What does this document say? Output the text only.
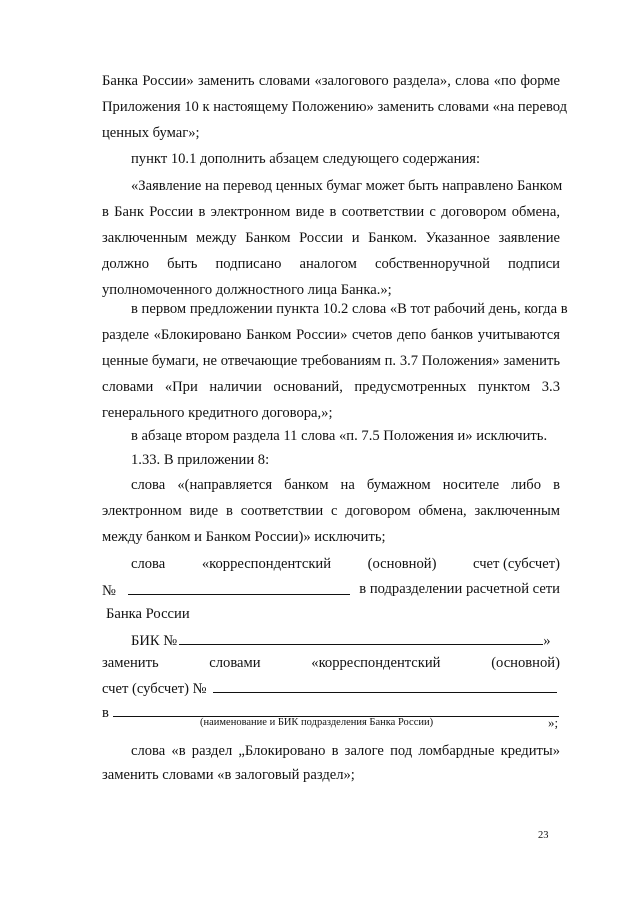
Банка России» заменить словами «залогового раздела», слова «по форме
Приложения 10 к настоящему Положению» заменить словами «на перевод
ценных бумаг»;
пункт 10.1 дополнить абзацем следующего содержания:
«Заявление на перевод ценных бумаг может быть направлено Банком
в Банк России в электронном виде в соответствии с договором обмена,
заключенным между Банком России и Банком. Указанное заявление
должно быть подписано аналогом собственноручной подписи
уполномоченного должностного лица Банка.»;
в первом предложении пункта 10.2 слова «В тот рабочий день, когда в
разделе «Блокировано Банком России» счетов депо банков учитываются
ценные бумаги, не отвечающие требованиям п. 3.7 Положения» заменить
словами «При наличии оснований, предусмотренных пунктом 3.3
генерального кредитного договора,»;
в абзаце втором раздела 11 слова «п. 7.5 Положения и» исключить.
1.33. В приложении 8:
слова «(направляется банком на бумажном носителе либо в
электронном виде в соответствии с договором обмена, заключенным
между банком и Банком России)» исключить;
слова	«корреспондентский	(основной)	счет (субсчет)
№	в подразделении расчетной сети
Банка России
БИК №	»
заменить	словами	«корреспондентский	(основной)
счет (субсчет) №
в
(наименование и БИК подразделения Банка России)	»;
слова «в раздел „Блокировано в залоге под ломбардные кредиты»
заменить словами «в залоговый раздел»;
23
